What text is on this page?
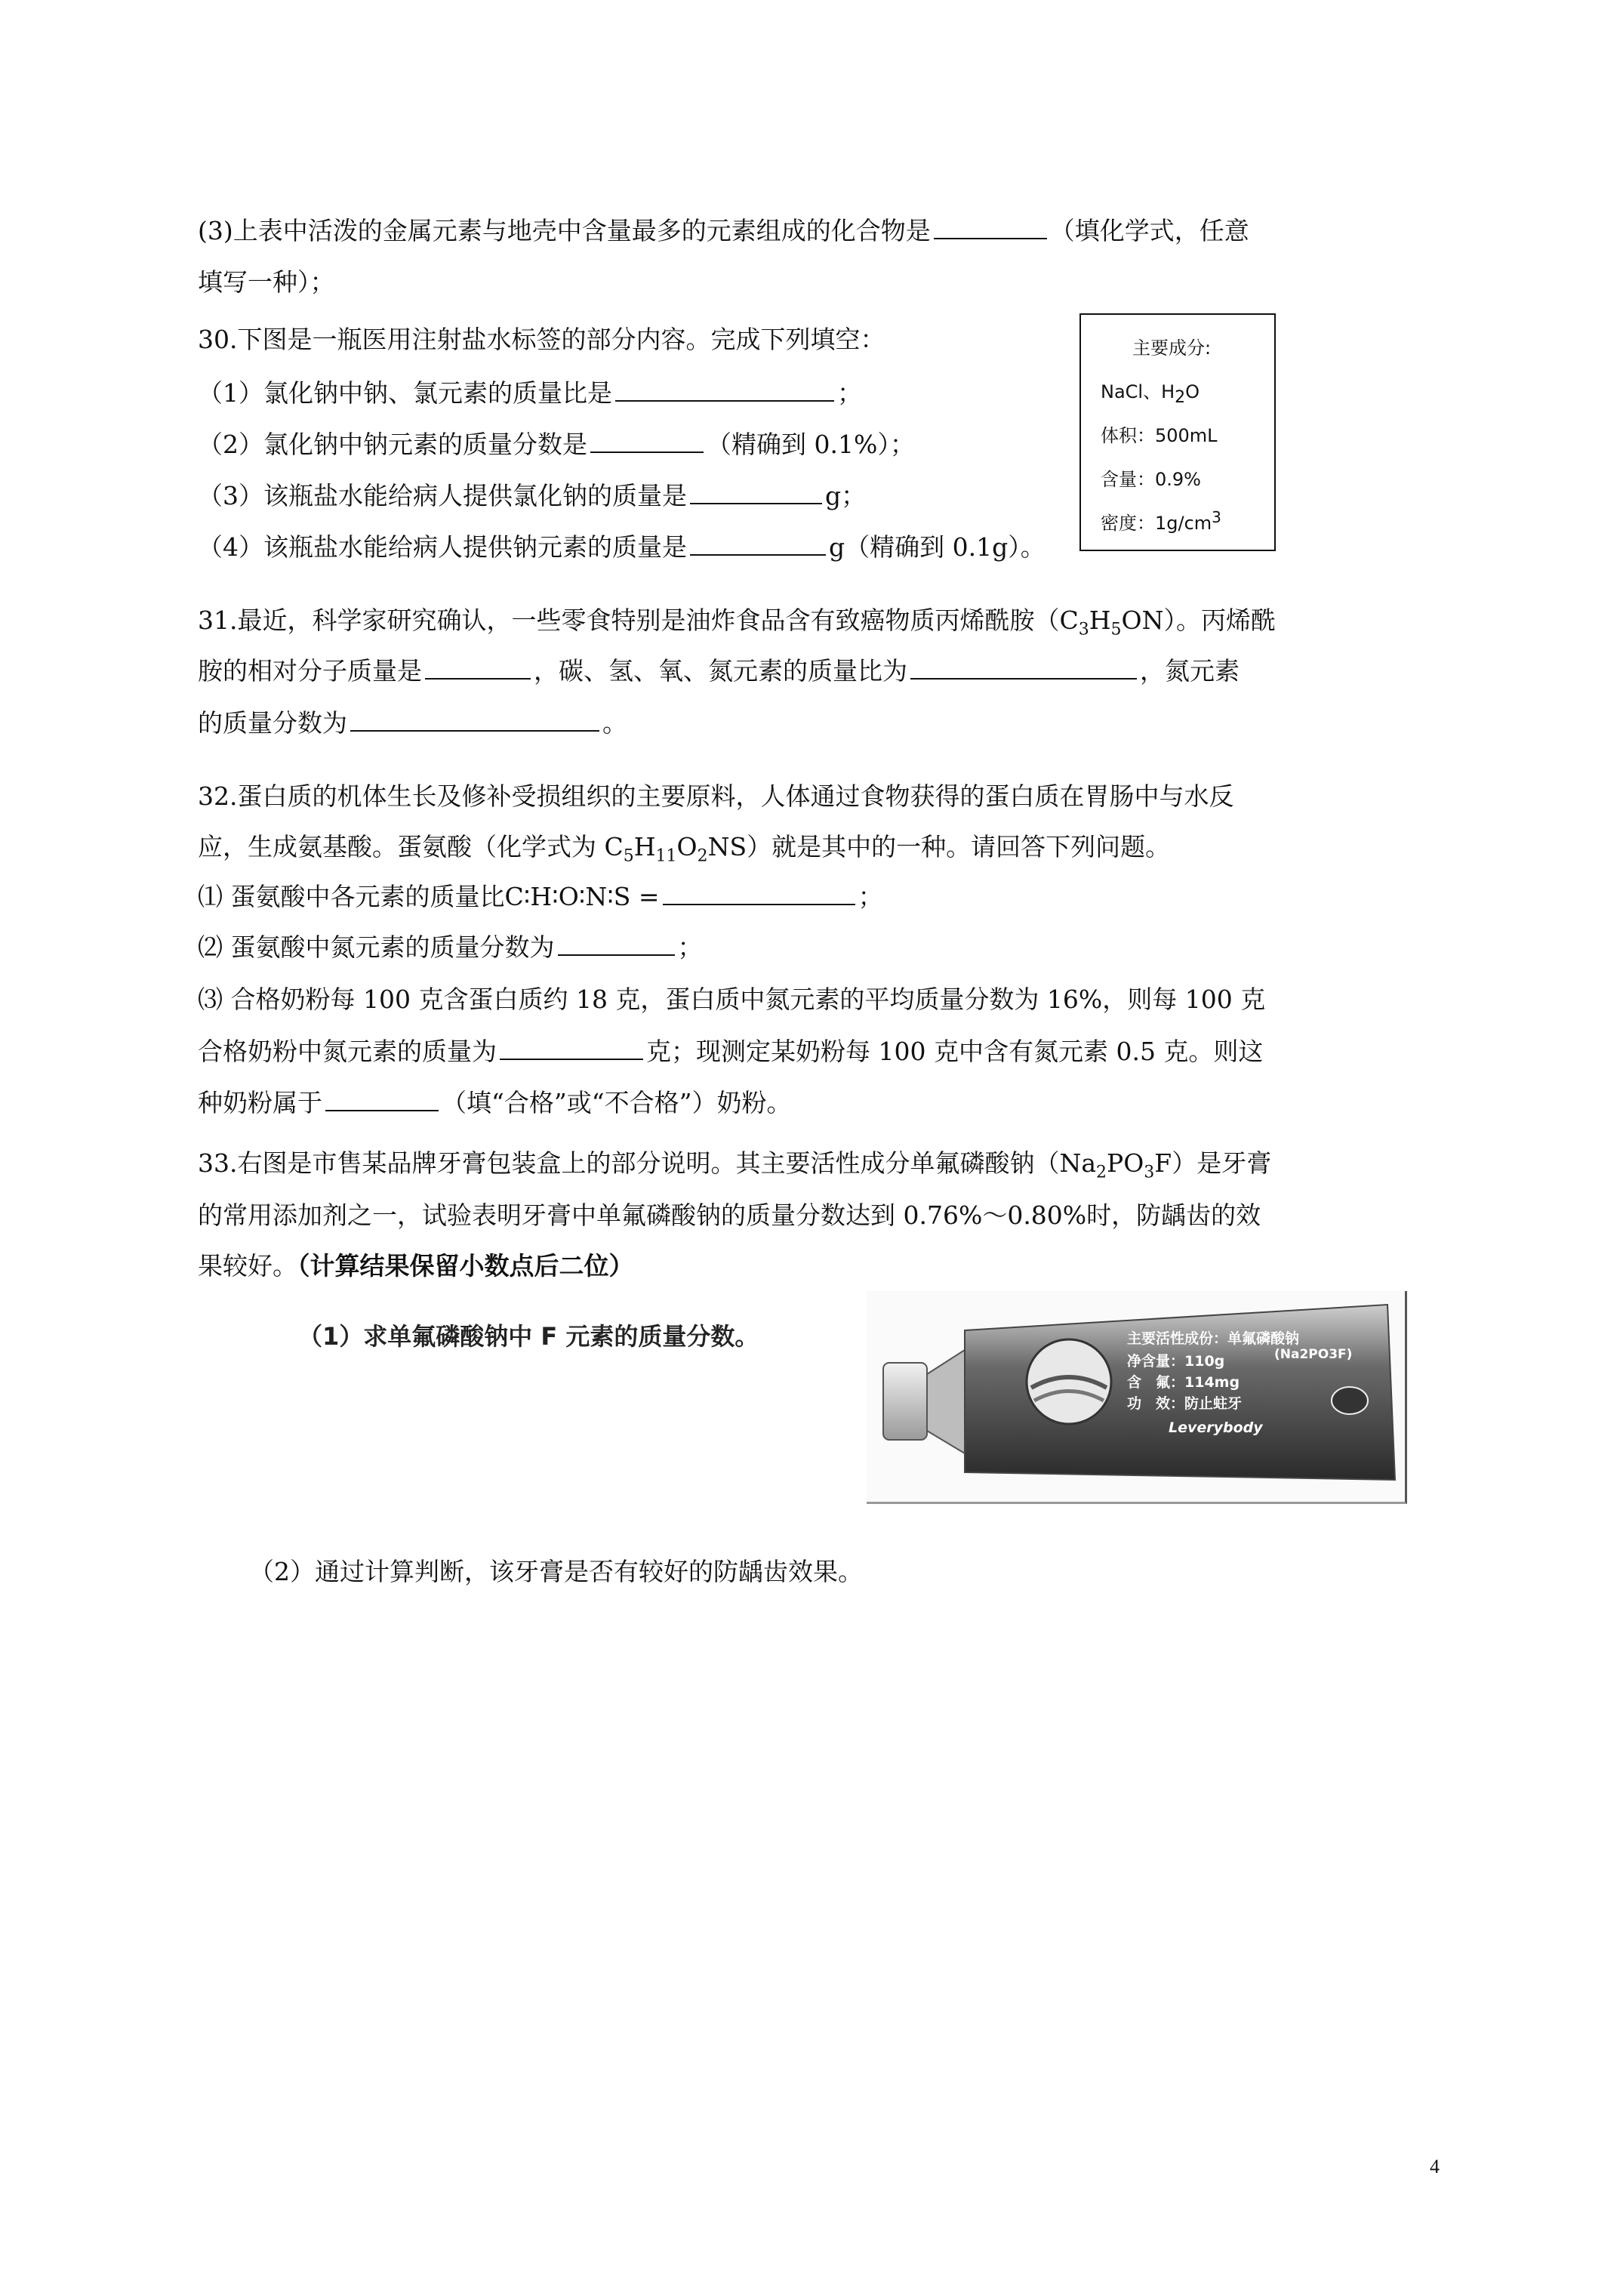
(3)上表中活泼的金属元素与地壳中含量最多的元素组成的化合物是	（填化学式，任意
填写一种）；
30.下图是一瓶医用注射盐水标签的部分内容。完成下列填空：
（1）氯化钠中钠、氯元素的质量比是	；
（2）氯化钠中钠元素的质量分数是	（精确到 0.1%）；
（3）该瓶盐水能给病人提供氯化钠的质量是	g；
（4）该瓶盐水能给病人提供钠元素的质量是	g（精确到 0.1g）。
主要成分:
NaCl、$H_2O$
体积：500mL
含量：0.9%
密度：$1g/cm^3$
31.最近，科学家研究确认，一些零食特别是油炸食品含有致癌物质丙烯酰胺$(C_3H_5ON)$。丙烯酰
胺的相对分子质量是	，碳、氢、氧、氮元素的质量比为	，氮元素
的质量分数为	。
32.蛋白质的机体生长及修补受损组织的主要原料，人体通过食物获得的蛋白质在胃肠中与水反
应，生成氨基酸。蛋氨酸（化学式为 $C_5H_{11}O_2NS$）就是其中的一种。请回答下列问题。
⑴ 蛋氨酸中各元素的质量比C∶H∶O∶N∶S =	；
⑵ 蛋氨酸中氮元素的质量分数为	；
⑶ 合格奶粉每 100 克含蛋白质约 18 克，蛋白质中氮元素的平均质量分数为 16%，则每 100 克
合格奶粉中氮元素的质量为	克；现测定某奶粉每 100 克中含有氮元素 0.5 克。则这
种奶粉属于	（填“合格”或“不合格”）奶粉。
33.右图是市售某品牌牙膏包装盒上的部分说明。其主要活性成分单氟磷酸钠$(Na_2PO_3F)$是牙膏
的常用添加剂之一，试验表明牙膏中单氟磷酸钠的质量分数达到 0.76%～0.80%时，防龋齿的效
果较好。（计算结果保留小数点后二位）
（1）求单氟磷酸钠中 F 元素的质量分数。	主要活性成份：单氟磷酸钠
(Na2PO3F)
净含量：110g
含　氟：114mg
功　效：防止蛀牙
Leverybody
（2）通过计算判断，该牙膏是否有较好的防龋齿效果。
4
